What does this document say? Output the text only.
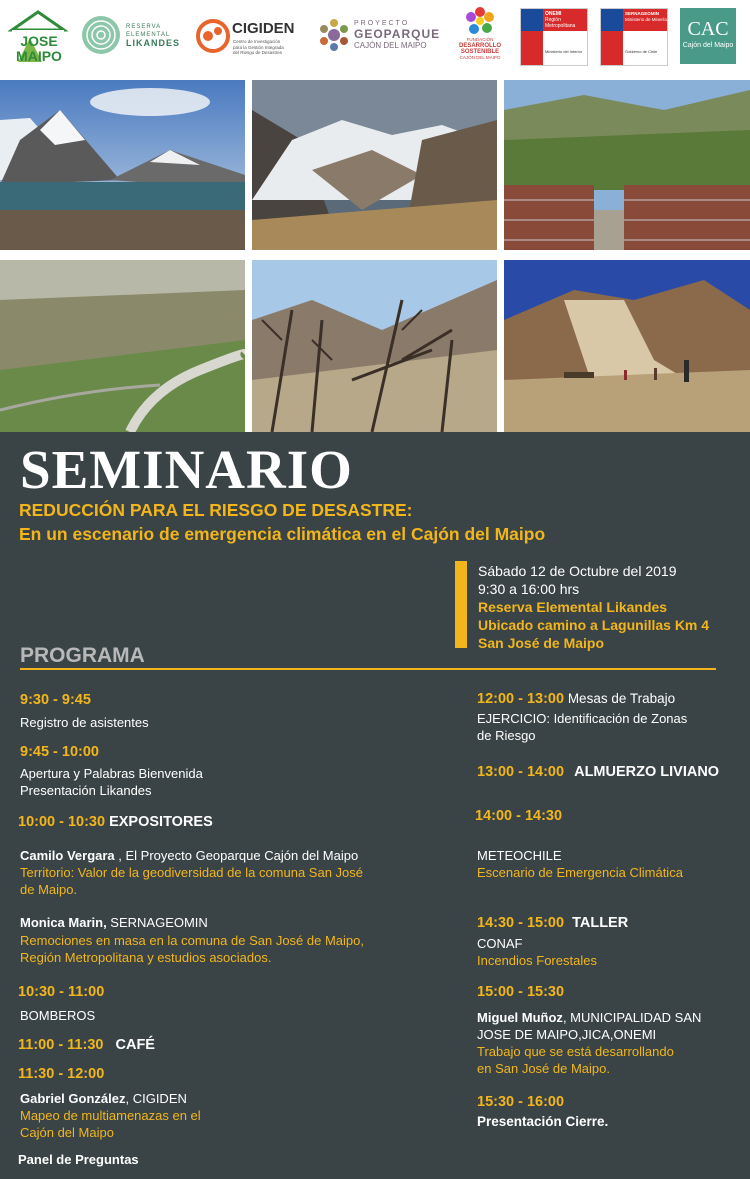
JOSE MAIPO
RESERVA
ELEMENTAL
LIKANDES
CIGIDEN
Centro de Investigación
para la Gestión Integrada
del Riesgo de Desastres
PROYECTO
GEOPARQUE
CAJÓN DEL MAIPO
FUNDACIÓN
DESARROLLO
SOSTENIBLE
CAJÓN DEL MAIPO
ONEMI
Región Metropolitana
Ministerio del Interior
SERNAGEOMIN
Ministerio de Minería
Gobierno de Chile
CAC
Cajón del Maipo
SEMINARIO
REDUCCIÓN PARA EL RIESGO DE DESASTRE:
En un escenario de emergencia climática en el Cajón del Maipo
Sábado 12 de Octubre del 2019
9:30 a 16:00 hrs
Reserva Elemental Likandes
Ubicado camino a Lagunillas Km 4
San José de Maipo
PROGRAMA
9:30 - 9:45
Registro de asistentes
9:45 - 10:00
Apertura y Palabras Bienvenida
Presentación Likandes
10:00 - 10:30 EXPOSITORES
Camilo Vergara , El Proyecto Geoparque Cajón del Maipo
Territorio: Valor de la geodiversidad de la comuna San José
de Maipo.
Monica Marin, SERNAGEOMIN
Remociones en masa en la comuna de San José de Maipo,
Región Metropolitana y estudios asociados.
10:30 - 11:00
BOMBEROS
11:00 - 11:30 CAFÉ
11:30 - 12:00
Gabriel González, CIGIDEN
Mapeo de multiamenazas en el
Cajón del Maipo
Panel de Preguntas
12:00 - 13:00 Mesas de Trabajo
EJERCICIO: Identificación de Zonas
de Riesgo
13:00 - 14:00 ALMUERZO LIVIANO
14:00 - 14:30
METEOCHILE
Escenario de Emergencia Climática
14:30 - 15:00 TALLER
CONAF
Incendios Forestales
15:00 - 15:30
Miguel Muñoz, MUNICIPALIDAD SAN
JOSE DE MAIPO,JICA,ONEMI
Trabajo que se está desarrollando
en San José de Maipo.
15:30 - 16:00
Presentación Cierre.
